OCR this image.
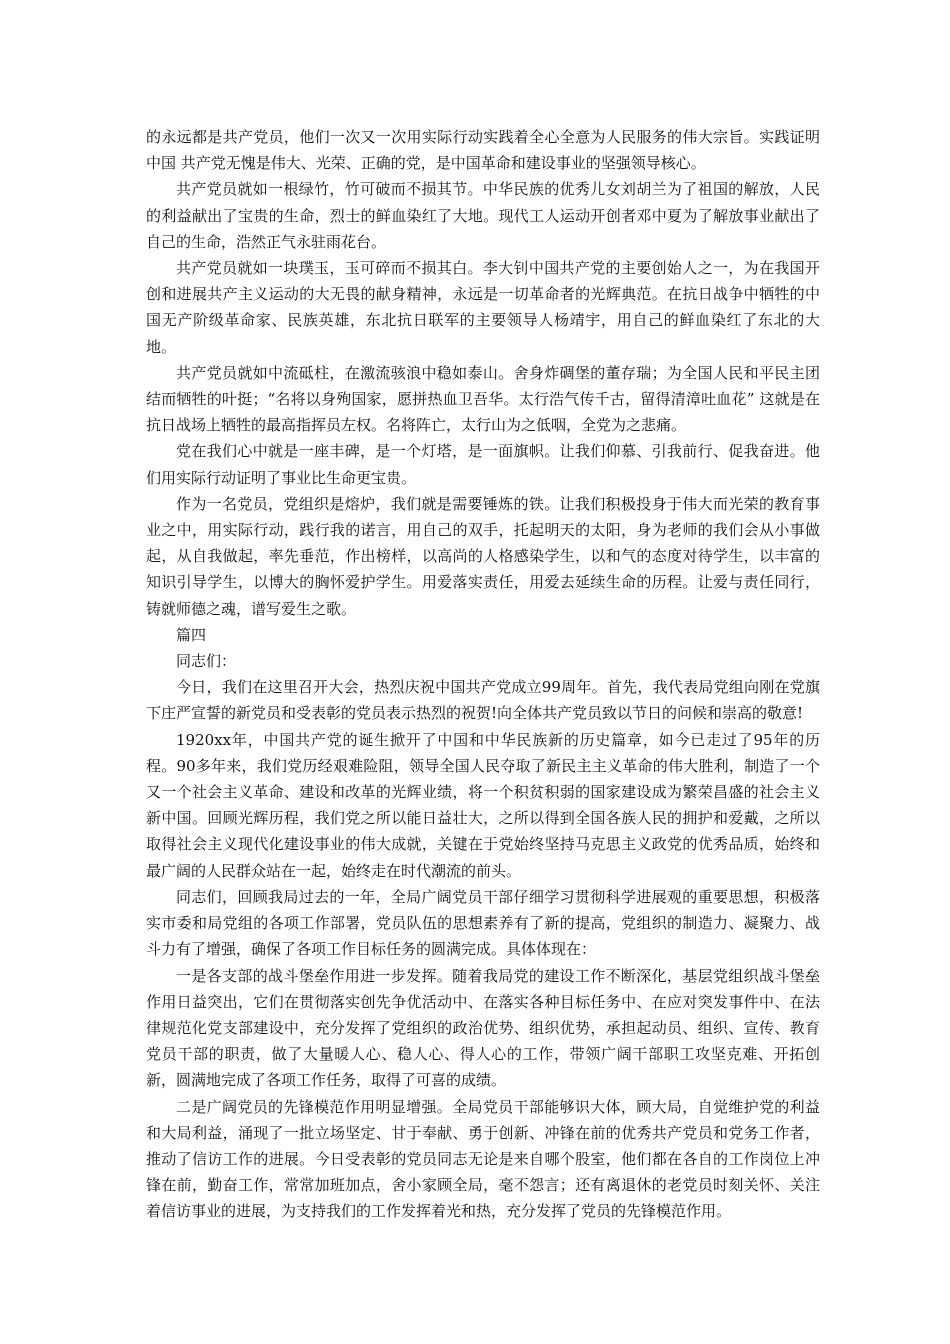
的永远都是共产党员，他们一次又一次用实际行动实践着全心全意为人民服务的伟大宗旨。实践证明中国 共产党无愧是伟大、光荣、正确的党，是中国革命和建设事业的坚强领导核心。

共产党员就如一根绿竹，竹可破而不损其节。中华民族的优秀儿女刘胡兰为了祖国的解放，人民的利益献出了宝贵的生命，烈士的鲜血染红了大地。现代工人运动开创者邓中夏为了解放事业献出了自己的生命，浩然正气永驻雨花台。

共产党员就如一块璞玉，玉可碎而不损其白。李大钊中国共产党的主要创始人之一，为在我国开创和进展共产主义运动的大无畏的献身精神，永远是一切革命者的光辉典范。在抗日战争中牺牲的中国无产阶级革命家、民族英雄，东北抗日联军的主要领导人杨靖宇，用自己的鲜血染红了东北的大地。

共产党员就如中流砥柱，在激流骇浪中稳如泰山。舍身炸碉堡的董存瑞；为全国人民和平民主团结而牺牲的叶挺；“名将以身殉国家，愿拼热血卫吾华。太行浩气传千古，留得清漳吐血花” 这就是在抗日战场上牺牲的最高指挥员左权。名将阵亡，太行山为之低咽，全党为之悲痛。

党在我们心中就是一座丰碑，是一个灯塔，是一面旗帜。让我们仰慕、引我前行、促我奋进。他们用实际行动证明了事业比生命更宝贵。

作为一名党员，党组织是熔炉，我们就是需要锤炼的铁。让我们积极投身于伟大而光荣的教育事业之中，用实际行动，践行我的诺言，用自己的双手，托起明天的太阳，身为老师的我们会从小事做起，从自我做起，率先垂范，作出榜样，以高尚的人格感染学生，以和气的态度对待学生，以丰富的知识引导学生，以博大的胸怀爱护学生。用爱落实责任，用爱去延续生命的历程。让爱与责任同行，铸就师德之魂，谱写爱生之歌。

篇四

同志们：

今日，我们在这里召开大会，热烈庆祝中国共产党成立99周年。首先，我代表局党组向刚在党旗下庄严宣誓的新党员和受表彰的党员表示热烈的祝贺!向全体共产党员致以节日的问候和崇高的敬意!

1920xx年，中国共产党的诞生掀开了中国和中华民族新的历史篇章，如今已走过了95年的历程。90多年来，我们党历经艰难险阻，领导全国人民夺取了新民主主义革命的伟大胜利，制造了一个又一个社会主义革命、建设和改革的光辉业绩，将一个积贫积弱的国家建设成为繁荣昌盛的社会主义新中国。回顾光辉历程，我们党之所以能日益壮大，之所以得到全国各族人民的拥护和爱戴，之所以取得社会主义现代化建设事业的伟大成就，关键在于党始终坚持马克思主义政党的优秀品质，始终和最广阔的人民群众站在一起，始终走在时代潮流的前头。

同志们，回顾我局过去的一年，全局广阔党员干部仔细学习贯彻科学进展观的重要思想，积极落实市委和局党组的各项工作部署，党员队伍的思想素养有了新的提高，党组织的制造力、凝聚力、战斗力有了增强，确保了各项工作目标任务的圆满完成。具体体现在：

一是各支部的战斗堡垒作用进一步发挥。随着我局党的建设工作不断深化，基层党组织战斗堡垒作用日益突出，它们在贯彻落实创先争优活动中、在落实各种目标任务中、在应对突发事件中、在法律规范化党支部建设中，充分发挥了党组织的政治优势、组织优势，承担起动员、组织、宣传、教育党员干部的职责，做了大量暖人心、稳人心、得人心的工作，带领广阔干部职工攻坚克难、开拓创新，圆满地完成了各项工作任务，取得了可喜的成绩。

二是广阔党员的先锋模范作用明显增强。全局党员干部能够识大体，顾大局，自觉维护党的利益和大局利益，涌现了一批立场坚定、甘于奉献、勇于创新、冲锋在前的优秀共产党员和党务工作者，推动了信访工作的进展。今日受表彰的党员同志无论是来自哪个股室，他们都在各自的工作岗位上冲锋在前，勤奋工作，常常加班加点，舍小家顾全局，毫不怨言；还有离退休的老党员时刻关怀、关注着信访事业的进展，为支持我们的工作发挥着光和热，充分发挥了党员的先锋模范作用。
